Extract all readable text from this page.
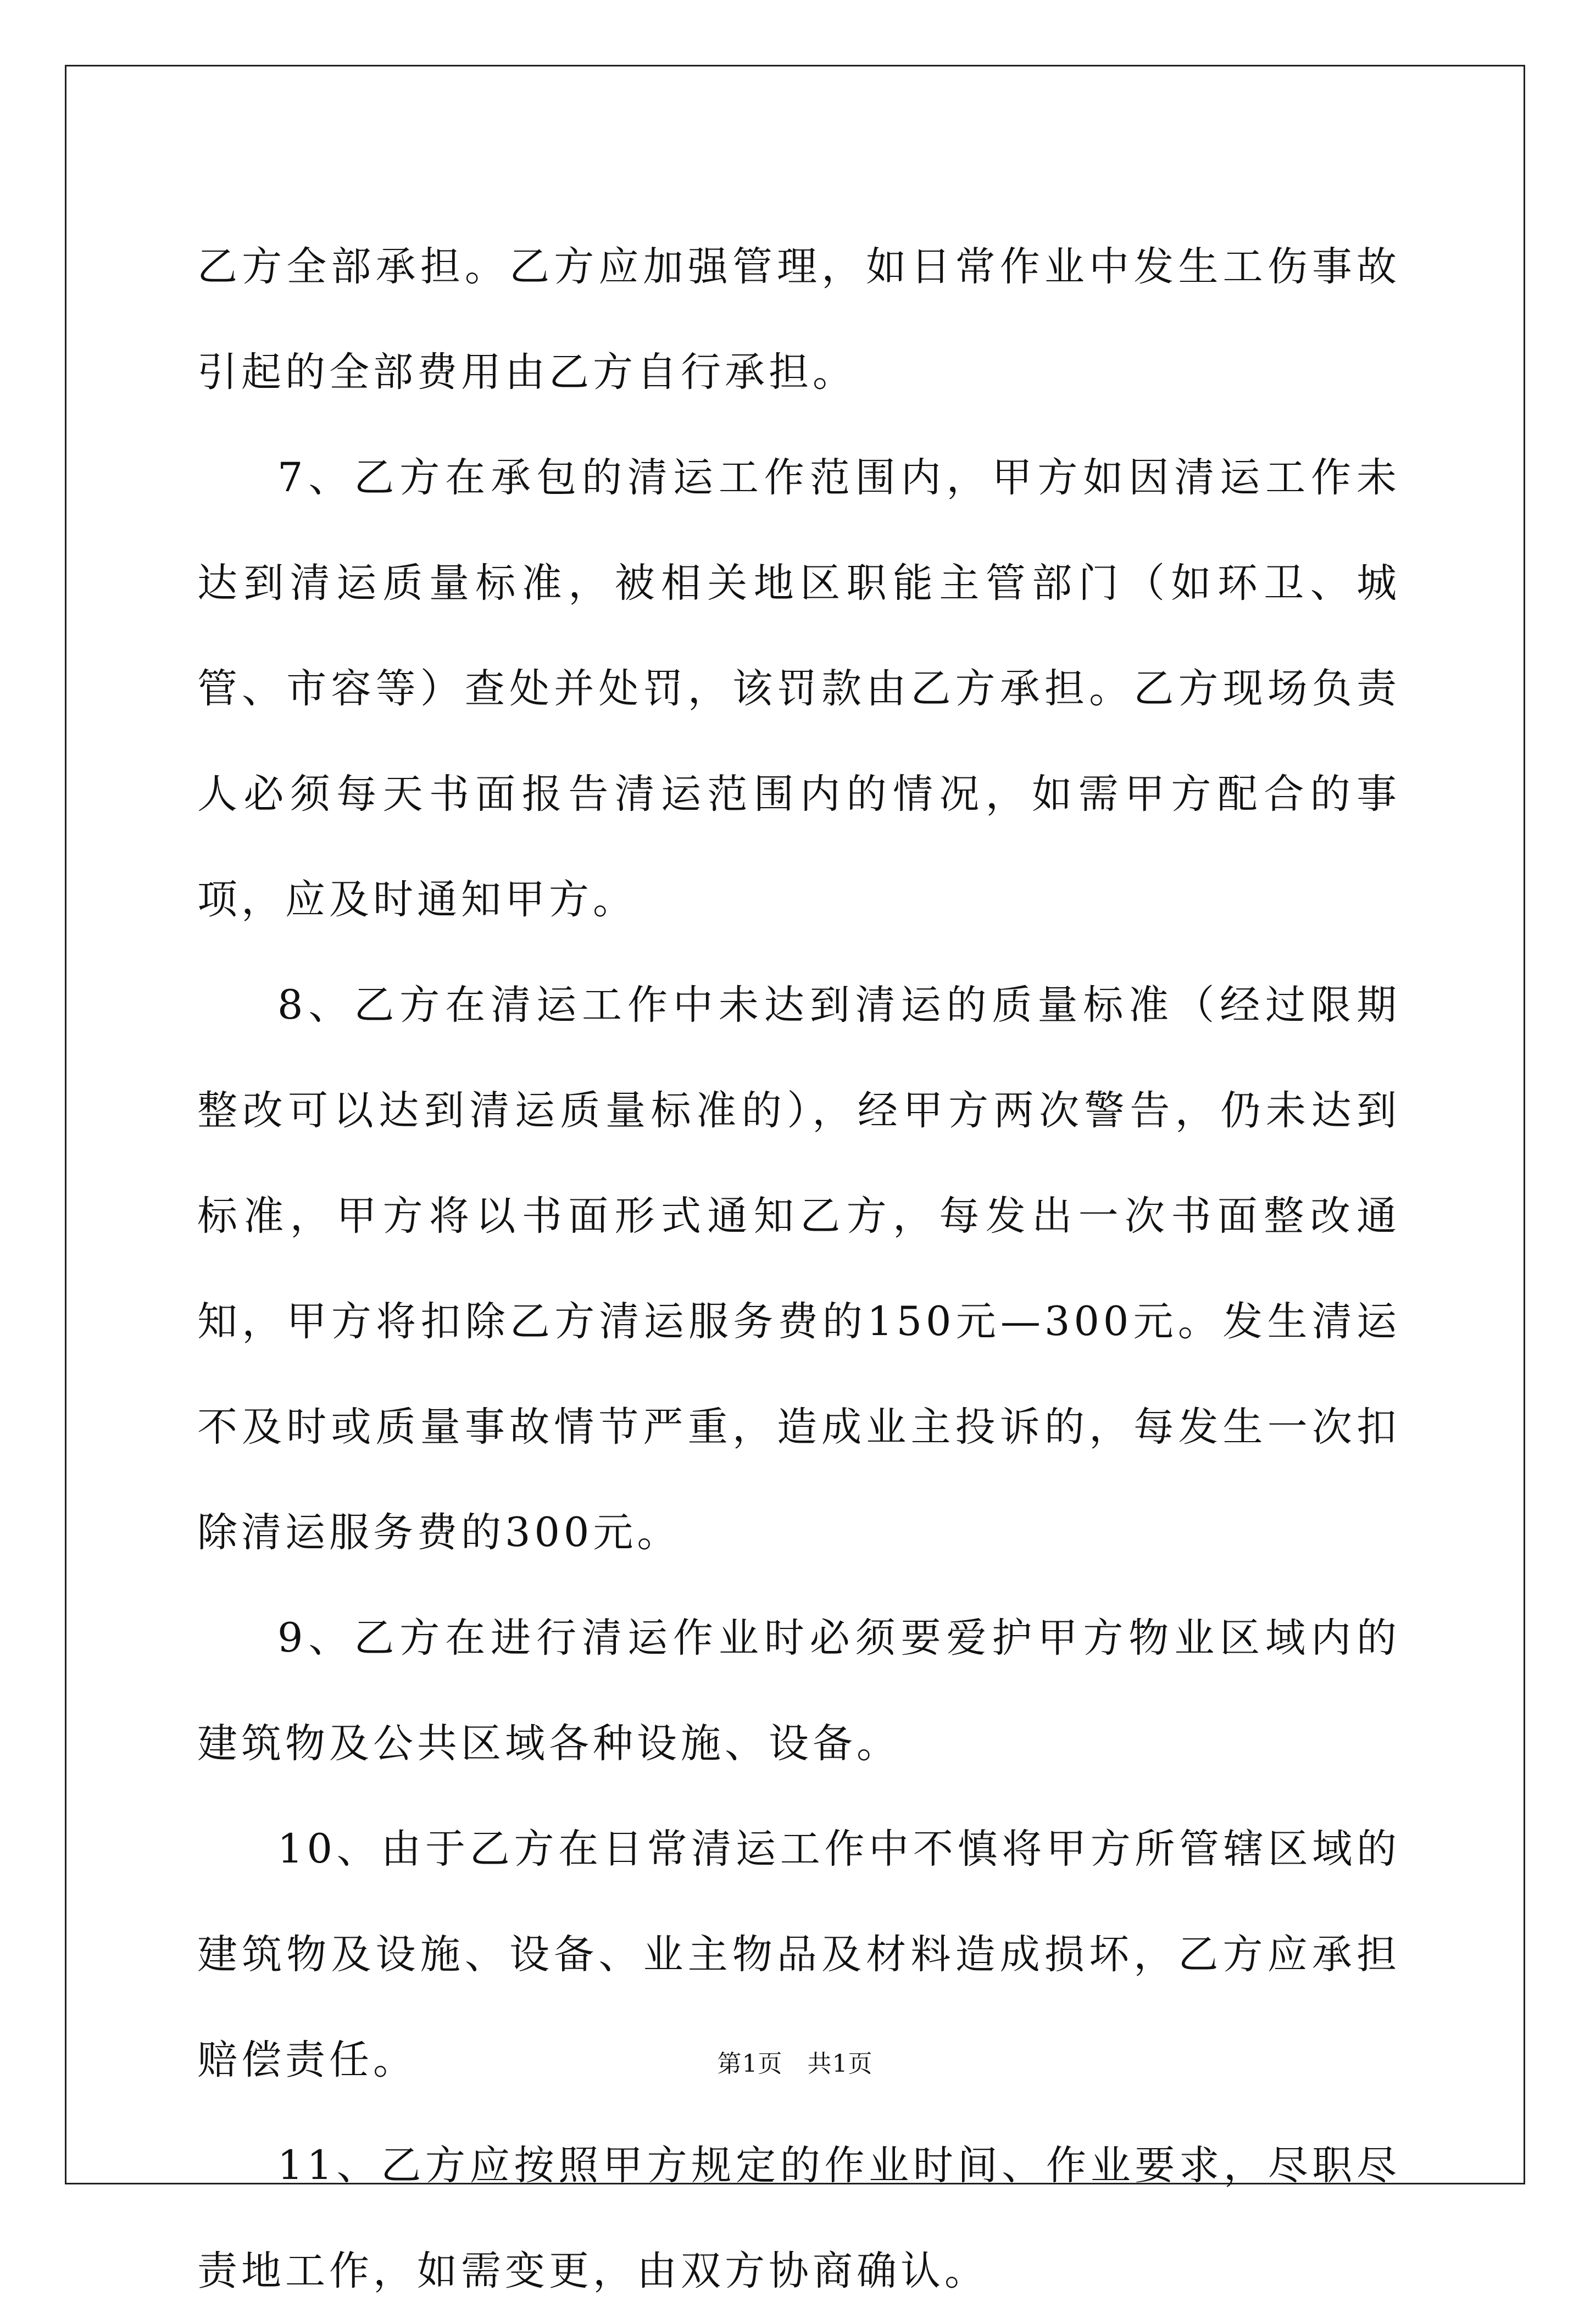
乙方全部承担。乙方应加强管理，如日常作业中发生工伤事故引起的全部费用由乙方自行承担。

7、乙方在承包的清运工作范围内，甲方如因清运工作未达到清运质量标准，被相关地区职能主管部门（如环卫、城管、市容等）查处并处罚，该罚款由乙方承担。乙方现场负责人必须每天书面报告清运范围内的情况，如需甲方配合的事项，应及时通知甲方。

8、乙方在清运工作中未达到清运的质量标准（经过限期整改可以达到清运质量标准的），经甲方两次警告，仍未达到标准，甲方将以书面形式通知乙方，每发出一次书面整改通知，甲方将扣除乙方清运服务费的150元—300元。发生清运不及时或质量事故情节严重，造成业主投诉的，每发生一次扣除清运服务费的300元。

9、乙方在进行清运作业时必须要爱护甲方物业区域内的建筑物及公共区域各种设施、设备。

10、由于乙方在日常清运工作中不慎将甲方所管辖区域的建筑物及设施、设备、业主物品及材料造成损坏，乙方应承担赔偿责任。

11、乙方应按照甲方规定的作业时间、作业要求，尽职尽责地工作，如需变更，由双方协商确认。

第1页　共1页
